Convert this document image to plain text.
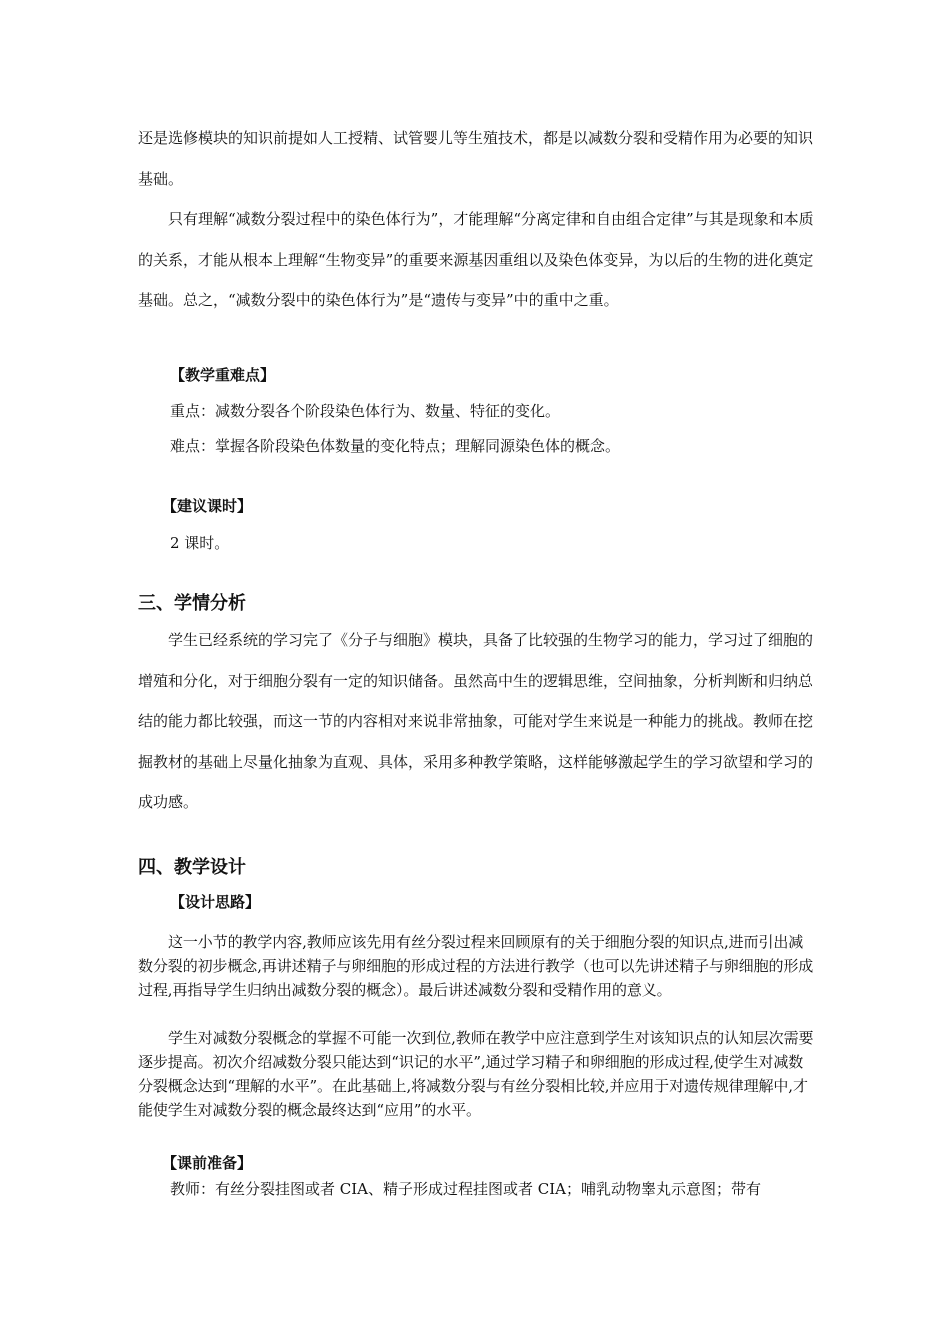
还是选修模块的知识前提如人工授精、试管婴儿等生殖技术，都是以减数分裂和受精作用为必要的知识基础。

只有理解“减数分裂过程中的染色体行为”，才能理解“分离定律和自由组合定律”与其是现象和本质的关系，才能从根本上理解“生物变异”的重要来源基因重组以及染色体变异，为以后的生物的进化奠定基础。总之，“减数分裂中的染色体行为”是“遗传与变异”中的重中之重。

【教学重难点】

重点：减数分裂各个阶段染色体行为、数量、特征的变化。

难点：掌握各阶段染色体数量的变化特点；理解同源染色体的概念。

【建议课时】

2 课时。

三、学情分析

学生已经系统的学习完了《分子与细胞》模块，具备了比较强的生物学习的能力，学习过了细胞的增殖和分化，对于细胞分裂有一定的知识储备。虽然高中生的逻辑思维，空间抽象，分析判断和归纳总结的能力都比较强，而这一节的内容相对来说非常抽象，可能对学生来说是一种能力的挑战。教师在挖掘教材的基础上尽量化抽象为直观、具体，采用多种教学策略，这样能够激起学生的学习欲望和学习的成功感。

四、教学设计

【设计思路】

这一小节的教学内容,教师应该先用有丝分裂过程来回顾原有的关于细胞分裂的知识点,进而引出减数分裂的初步概念,再讲述精子与卵细胞的形成过程的方法进行教学（也可以先讲述精子与卵细胞的形成过程,再指导学生归纳出减数分裂的概念）。最后讲述减数分裂和受精作用的意义。

学生对减数分裂概念的掌握不可能一次到位,教师在教学中应注意到学生对该知识点的认知层次需要逐步提高。初次介绍减数分裂只能达到“识记的水平”,通过学习精子和卵细胞的形成过程,使学生对减数分裂概念达到“理解的水平”。在此基础上,将减数分裂与有丝分裂相比较,并应用于对遗传规律理解中,才能使学生对减数分裂的概念最终达到“应用”的水平。

【课前准备】

教师：有丝分裂挂图或者 CIA、精子形成过程挂图或者 CIA；哺乳动物睾丸示意图；带有
